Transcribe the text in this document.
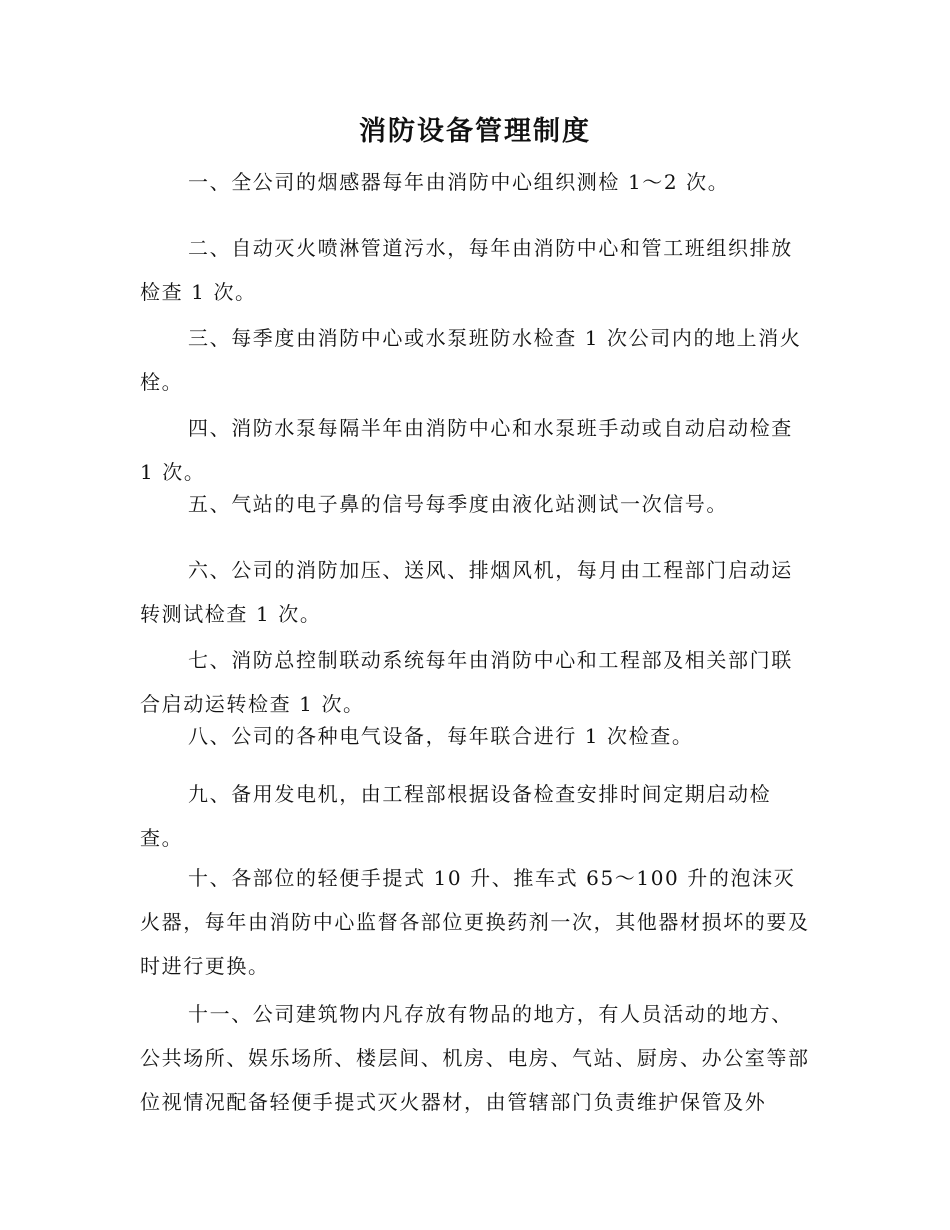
消防设备管理制度

一、全公司的烟感器每年由消防中心组织测检 1～2 次。

二、自动灭火喷淋管道污水，每年由消防中心和管工班组织排放检查 1 次。

三、每季度由消防中心或水泵班防水检查 1 次公司内的地上消火栓。

四、消防水泵每隔半年由消防中心和水泵班手动或自动启动检查 1 次。

五、气站的电子鼻的信号每季度由液化站测试一次信号。

六、公司的消防加压、送风、排烟风机，每月由工程部门启动运转测试检查 1 次。

七、消防总控制联动系统每年由消防中心和工程部及相关部门联合启动运转检查 1 次。

八、公司的各种电气设备，每年联合进行 1 次检查。

九、备用发电机，由工程部根据设备检查安排时间定期启动检查。

十、各部位的轻便手提式 10 升、推车式 65～100 升的泡沫灭火器，每年由消防中心监督各部位更换药剂一次，其他器材损坏的要及时进行更换。

十一、公司建筑物内凡存放有物品的地方，有人员活动的地方、公共场所、娱乐场所、楼层间、机房、电房、气站、厨房、办公室等部位视情况配备轻便手提式灭火器材，由管辖部门负责维护保管及外
